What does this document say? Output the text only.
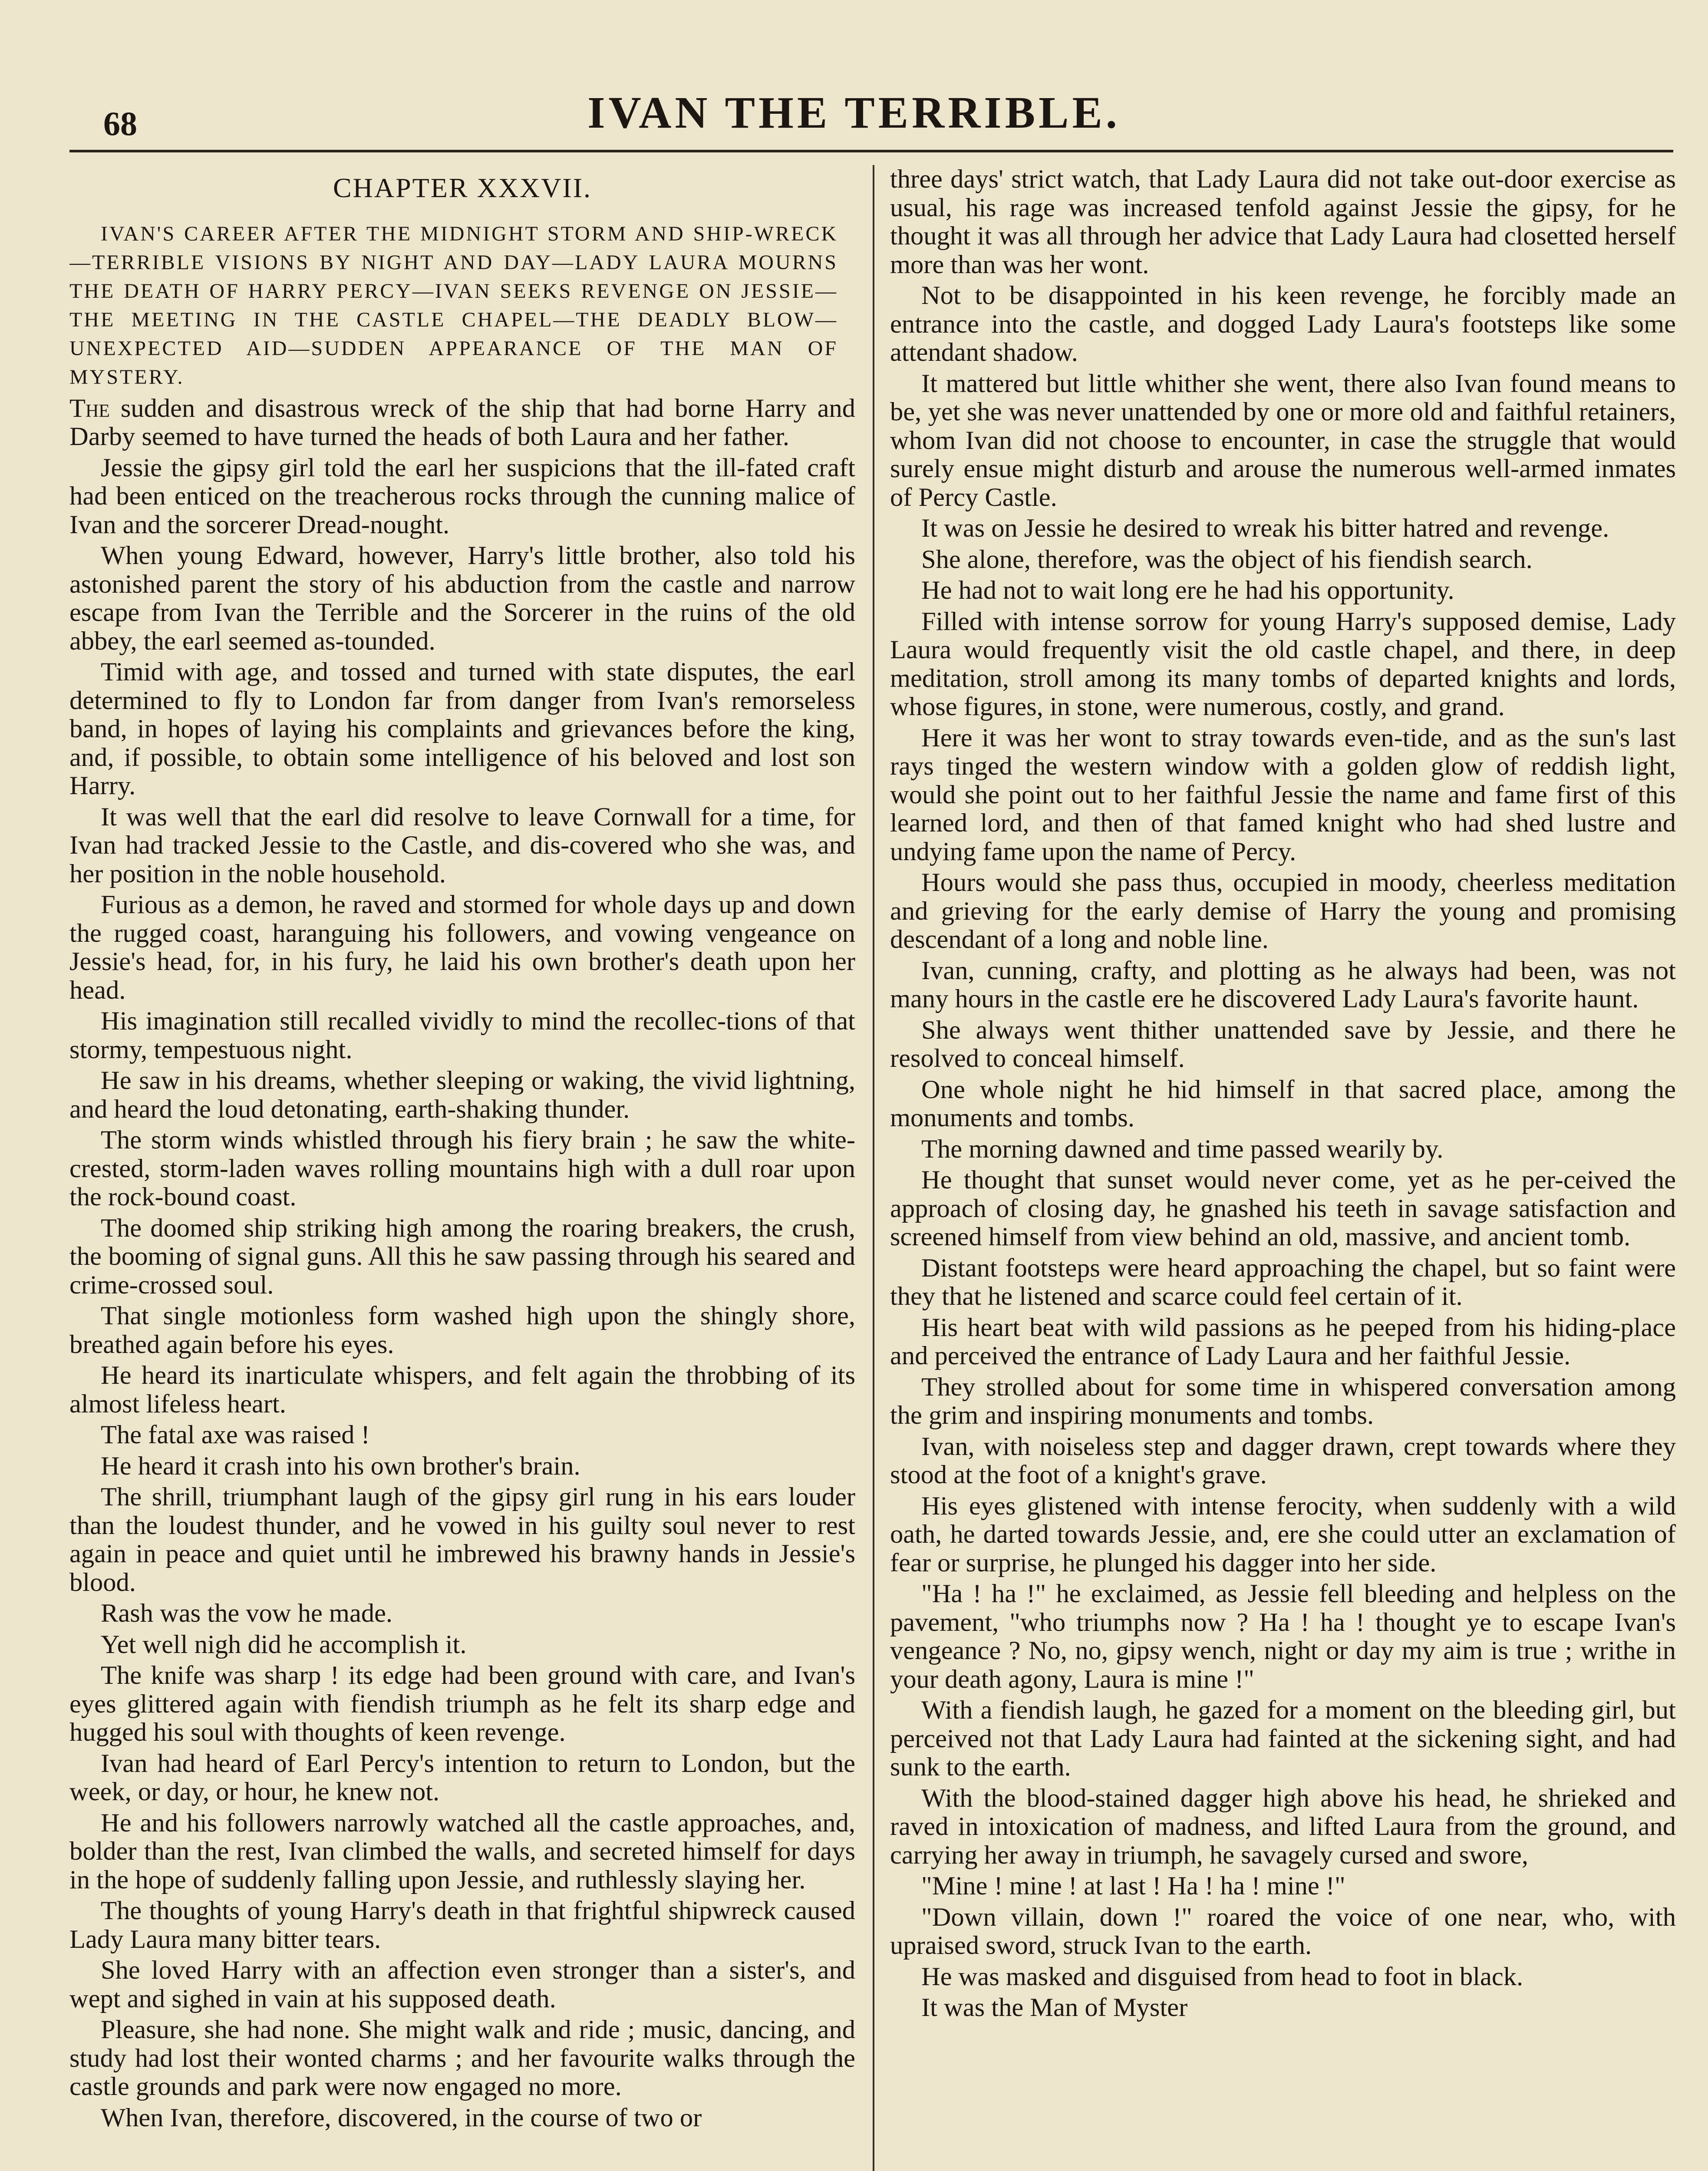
68	IVAN THE TERRIBLE.
CHAPTER XXXVII.

IVAN'S CAREER AFTER THE MIDNIGHT STORM AND SHIP-WRECK—TERRIBLE VISIONS BY NIGHT AND DAY—LADY LAURA MOURNS THE DEATH OF HARRY PERCY—IVAN SEEKS REVENGE ON JESSIE—THE MEETING IN THE CASTLE CHAPEL—THE DEADLY BLOW—UNEXPECTED AID—SUDDEN APPEARANCE OF THE MAN OF MYSTERY.

The sudden and disastrous wreck of the ship that had borne Harry and Darby seemed to have turned the heads of both Laura and her father.

Jessie the gipsy girl told the earl her suspicions that the ill-fated craft had been enticed on the treacherous rocks through the cunning malice of Ivan and the sorcerer Dread-nought.

When young Edward, however, Harry's little brother, also told his astonished parent the story of his abduction from the castle and narrow escape from Ivan the Terrible and the Sorcerer in the ruins of the old abbey, the earl seemed as-tounded.

Timid with age, and tossed and turned with state disputes, the earl determined to fly to London far from danger from Ivan's remorseless band, in hopes of laying his complaints and grievances before the king, and, if possible, to obtain some intelligence of his beloved and lost son Harry.

It was well that the earl did resolve to leave Cornwall for a time, for Ivan had tracked Jessie to the Castle, and dis-covered who she was, and her position in the noble household.

Furious as a demon, he raved and stormed for whole days up and down the rugged coast, haranguing his followers, and vowing vengeance on Jessie's head, for, in his fury, he laid his own brother's death upon her head.

His imagination still recalled vividly to mind the recollec-tions of that stormy, tempestuous night.

He saw in his dreams, whether sleeping or waking, the vivid lightning, and heard the loud detonating, earth-shaking thunder.

The storm winds whistled through his fiery brain ; he saw the white-crested, storm-laden waves rolling mountains high with a dull roar upon the rock-bound coast.

The doomed ship striking high among the roaring breakers, the crush, the booming of signal guns. All this he saw passing through his seared and crime-crossed soul.

That single motionless form washed high upon the shingly shore, breathed again before his eyes.

He heard its inarticulate whispers, and felt again the throbbing of its almost lifeless heart.

The fatal axe was raised !

He heard it crash into his own brother's brain.

The shrill, triumphant laugh of the gipsy girl rung in his ears louder than the loudest thunder, and he vowed in his guilty soul never to rest again in peace and quiet until he imbrewed his brawny hands in Jessie's blood.

Rash was the vow he made.

Yet well nigh did he accomplish it.

The knife was sharp ! its edge had been ground with care, and Ivan's eyes glittered again with fiendish triumph as he felt its sharp edge and hugged his soul with thoughts of keen revenge.

Ivan had heard of Earl Percy's intention to return to London, but the week, or day, or hour, he knew not.

He and his followers narrowly watched all the castle approaches, and, bolder than the rest, Ivan climbed the walls, and secreted himself for days in the hope of suddenly falling upon Jessie, and ruthlessly slaying her.

The thoughts of young Harry's death in that frightful shipwreck caused Lady Laura many bitter tears.

She loved Harry with an affection even stronger than a sister's, and wept and sighed in vain at his supposed death.

Pleasure, she had none. She might walk and ride ; music, dancing, and study had lost their wonted charms ; and her favourite walks through the castle grounds and park were now engaged no more.

When Ivan, therefore, discovered, in the course of two or

three days' strict watch, that Lady Laura did not take out-door exercise as usual, his rage was increased tenfold against Jessie the gipsy, for he thought it was all through her advice that Lady Laura had closetted herself more than was her wont.

Not to be disappointed in his keen revenge, he forcibly made an entrance into the castle, and dogged Lady Laura's footsteps like some attendant shadow.

It mattered but little whither she went, there also Ivan found means to be, yet she was never unattended by one or more old and faithful retainers, whom Ivan did not choose to encounter, in case the struggle that would surely ensue might disturb and arouse the numerous well-armed inmates of Percy Castle.

It was on Jessie he desired to wreak his bitter hatred and revenge.

She alone, therefore, was the object of his fiendish search.

He had not to wait long ere he had his opportunity.

Filled with intense sorrow for young Harry's supposed demise, Lady Laura would frequently visit the old castle chapel, and there, in deep meditation, stroll among its many tombs of departed knights and lords, whose figures, in stone, were numerous, costly, and grand.

Here it was her wont to stray towards even-tide, and as the sun's last rays tinged the western window with a golden glow of reddish light, would she point out to her faithful Jessie the name and fame first of this learned lord, and then of that famed knight who had shed lustre and undying fame upon the name of Percy.

Hours would she pass thus, occupied in moody, cheerless meditation and grieving for the early demise of Harry the young and promising descendant of a long and noble line.

Ivan, cunning, crafty, and plotting as he always had been, was not many hours in the castle ere he discovered Lady Laura's favorite haunt.

She always went thither unattended save by Jessie, and there he resolved to conceal himself.

One whole night he hid himself in that sacred place, among the monuments and tombs.

The morning dawned and time passed wearily by.

He thought that sunset would never come, yet as he per-ceived the approach of closing day, he gnashed his teeth in savage satisfaction and screened himself from view behind an old, massive, and ancient tomb.

Distant footsteps were heard approaching the chapel, but so faint were they that he listened and scarce could feel certain of it.

His heart beat with wild passions as he peeped from his hiding-place and perceived the entrance of Lady Laura and her faithful Jessie.

They strolled about for some time in whispered conversation among the grim and inspiring monuments and tombs.

Ivan, with noiseless step and dagger drawn, crept towards where they stood at the foot of a knight's grave.

His eyes glistened with intense ferocity, when suddenly with a wild oath, he darted towards Jessie, and, ere she could utter an exclamation of fear or surprise, he plunged his dagger into her side.

"Ha ! ha !" he exclaimed, as Jessie fell bleeding and helpless on the pavement, "who triumphs now ? Ha ! ha ! thought ye to escape Ivan's vengeance ? No, no, gipsy wench, night or day my aim is true ; writhe in your death agony, Laura is mine !"

With a fiendish laugh, he gazed for a moment on the bleeding girl, but perceived not that Lady Laura had fainted at the sickening sight, and had sunk to the earth.

With the blood-stained dagger high above his head, he shrieked and raved in intoxication of madness, and lifted Laura from the ground, and carrying her away in triumph, he savagely cursed and swore,

"Mine ! mine ! at last ! Ha ! ha ! mine !"

"Down villain, down !" roared the voice of one near, who, with upraised sword, struck Ivan to the earth.

He was masked and disguised from head to foot in black.

It was the Man of Myster
